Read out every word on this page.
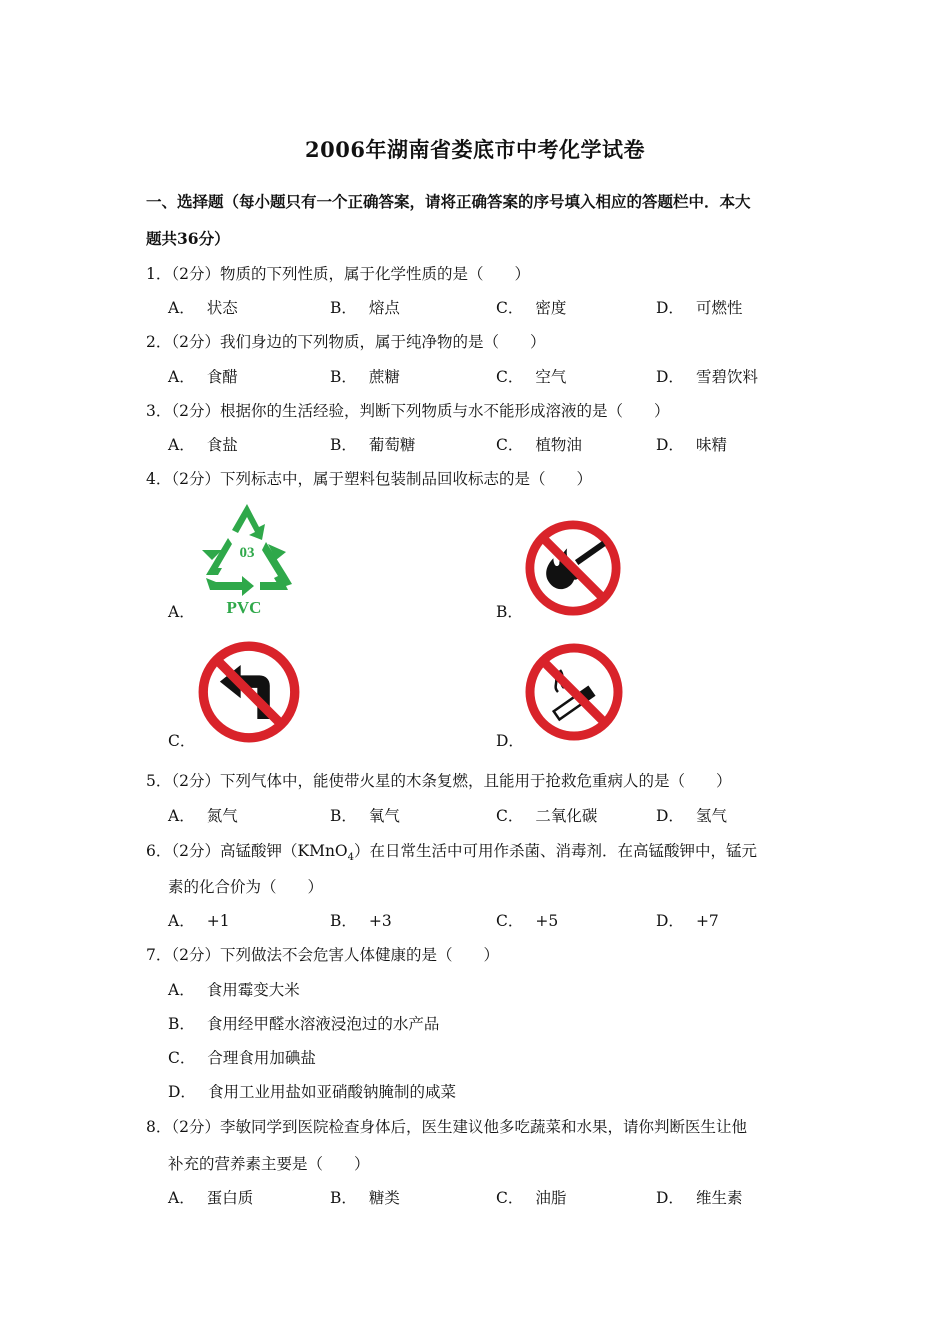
2006年湖南省娄底市中考化学试卷
一、选择题（每小题只有一个正确答案，请将正确答案的序号填入相应的答题栏中．本大
题共36分）
1．（2分）物质的下列性质，属于化学性质的是（　　）
A． 状态	B． 熔点	C． 密度	D． 可燃性
2．（2分）我们身边的下列物质，属于纯净物的是（　　）
A． 食醋	B． 蔗糖	C． 空气	D． 雪碧饮料
3．（2分）根据你的生活经验，判断下列物质与水不能形成溶液的是（　　）
A． 食盐	B． 葡萄糖	C． 植物油	D． 味精
4．（2分）下列标志中，属于塑料包装制品回收标志的是（　　）
A．
03
PVC	B．
C．	D．
5．（2分）下列气体中，能使带火星的木条复燃，且能用于抢救危重病人的是（　　）
A． 氮气	B． 氧气	C． 二氧化碳	D． 氢气
6．（2分）高锰酸钾（KMnO$_4$）在日常生活中可用作杀菌、消毒剂．在高锰酸钾中，锰元
素的化合价为（　　）
A． +1	B． +3	C． +5	D． +7
7．（2分）下列做法不会危害人体健康的是（　　）
A． 食用霉变大米
B． 食用经甲醛水溶液浸泡过的水产品
C． 合理食用加碘盐
D． 食用工业用盐如亚硝酸钠腌制的咸菜
8．（2分）李敏同学到医院检查身体后，医生建议他多吃蔬菜和水果，请你判断医生让他
补充的营养素主要是（　　）
A． 蛋白质	B． 糖类	C． 油脂	D． 维生素
